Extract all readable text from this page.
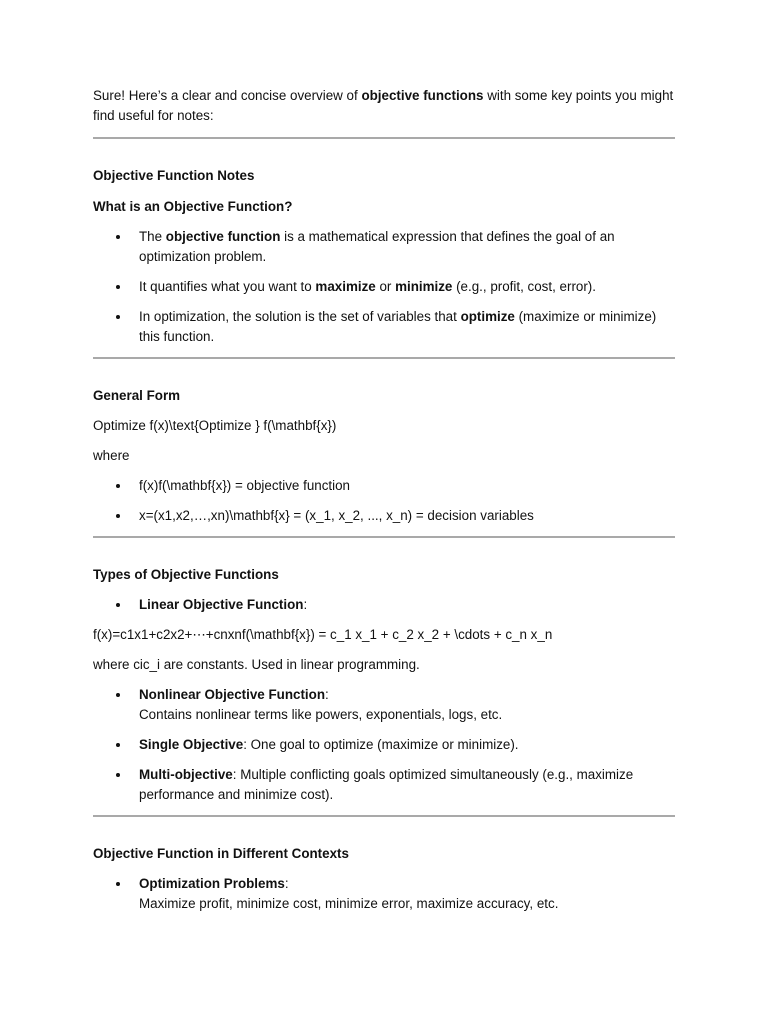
Sure! Here’s a clear and concise overview of objective functions with some key points you might find useful for notes:

Objective Function Notes
What is an Objective Function?
The objective function is a mathematical expression that defines the goal of an optimization problem.
It quantifies what you want to maximize or minimize (e.g., profit, cost, error).
In optimization, the solution is the set of variables that optimize (maximize or minimize) this function.
General Form

Optimize f(x)\text{Optimize } f(\mathbf{x})

where

f(x)f(\mathbf{x}) = objective function
x=(x1,x2,…,xn)\mathbf{x} = (x_1, x_2, ..., x_n) = decision variables
Types of Objective Functions
Linear Objective Function:

f(x)=c1x1+c2x2+⋯+cnxnf(\mathbf{x}) = c_1 x_1 + c_2 x_2 + \cdots + c_n x_n

where cic_i are constants. Used in linear programming.

Nonlinear Objective Function:
Contains nonlinear terms like powers, exponentials, logs, etc.
Single Objective: One goal to optimize (maximize or minimize).
Multi-objective: Multiple conflicting goals optimized simultaneously (e.g., maximize performance and minimize cost).
Objective Function in Different Contexts
Optimization Problems:
Maximize profit, minimize cost, minimize error, maximize accuracy, etc.
